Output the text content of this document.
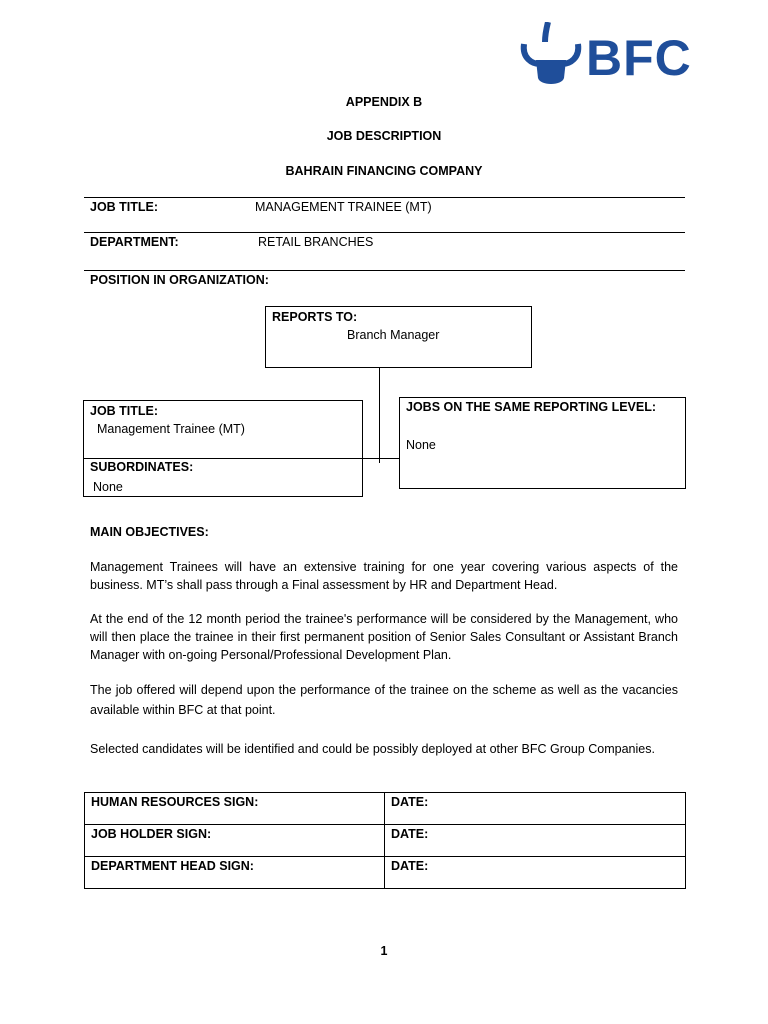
BFC
APPENDIX B
JOB DESCRIPTION
BAHRAIN FINANCING COMPANY
JOB TITLE:	MANAGEMENT TRAINEE (MT)
DEPARTMENT:	RETAIL BRANCHES
POSITION IN ORGANIZATION:
REPORTS TO:
Branch Manager
JOB TITLE:
Management Trainee (MT)
SUBORDINATES:
None
JOBS ON THE SAME REPORTING LEVEL:
None
MAIN OBJECTIVES:
Management Trainees will have an extensive training for one year covering various aspects of the business. MT’s shall pass through a Final assessment by HR and Department Head.
At the end of the 12 month period the trainee's performance will be considered by the Management, who will then place the trainee in their first permanent position of Senior Sales Consultant or Assistant Branch Manager with on-going Personal/Professional Development Plan.
The job offered will depend upon the performance of the trainee on the scheme as well as the vacancies available within BFC at that point.
Selected candidates will be identified and could be possibly deployed at other BFC Group Companies.
HUMAN RESOURCES SIGN:	DATE:
JOB HOLDER SIGN:	DATE:
DEPARTMENT HEAD SIGN:	DATE:
1
